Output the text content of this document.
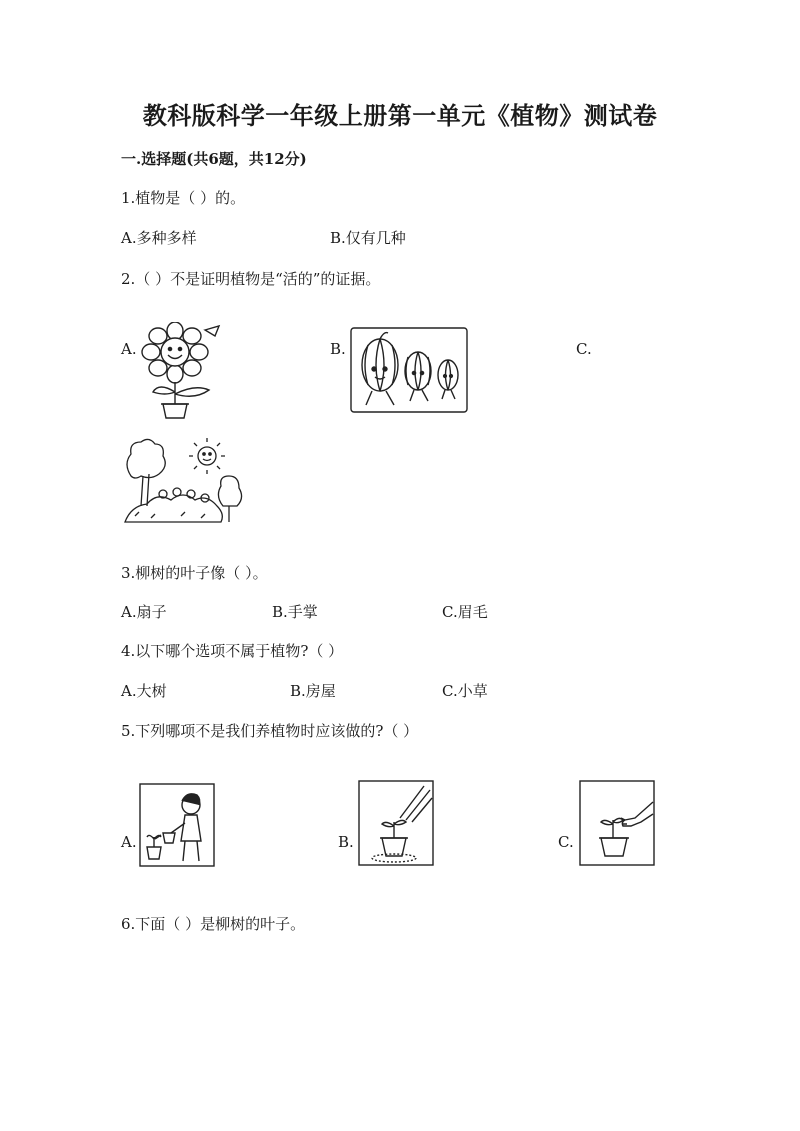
教科版科学一年级上册第一单元《植物》测试卷
一.选择题(共6题，共12分)
1.植物是（ ）的。
A.多种多样	B.仅有几种
2.（ ）不是证明植物是“活的”的证据。
A.	B.	C.
3.柳树的叶子像（ ）。
A.扇子	B.手掌	C.眉毛
4.以下哪个选项不属于植物?（ ）
A.大树	B.房屋	C.小草
5.下列哪项不是我们养植物时应该做的?（ ）
A.	B.	C.
6.下面（ ）是柳树的叶子。
